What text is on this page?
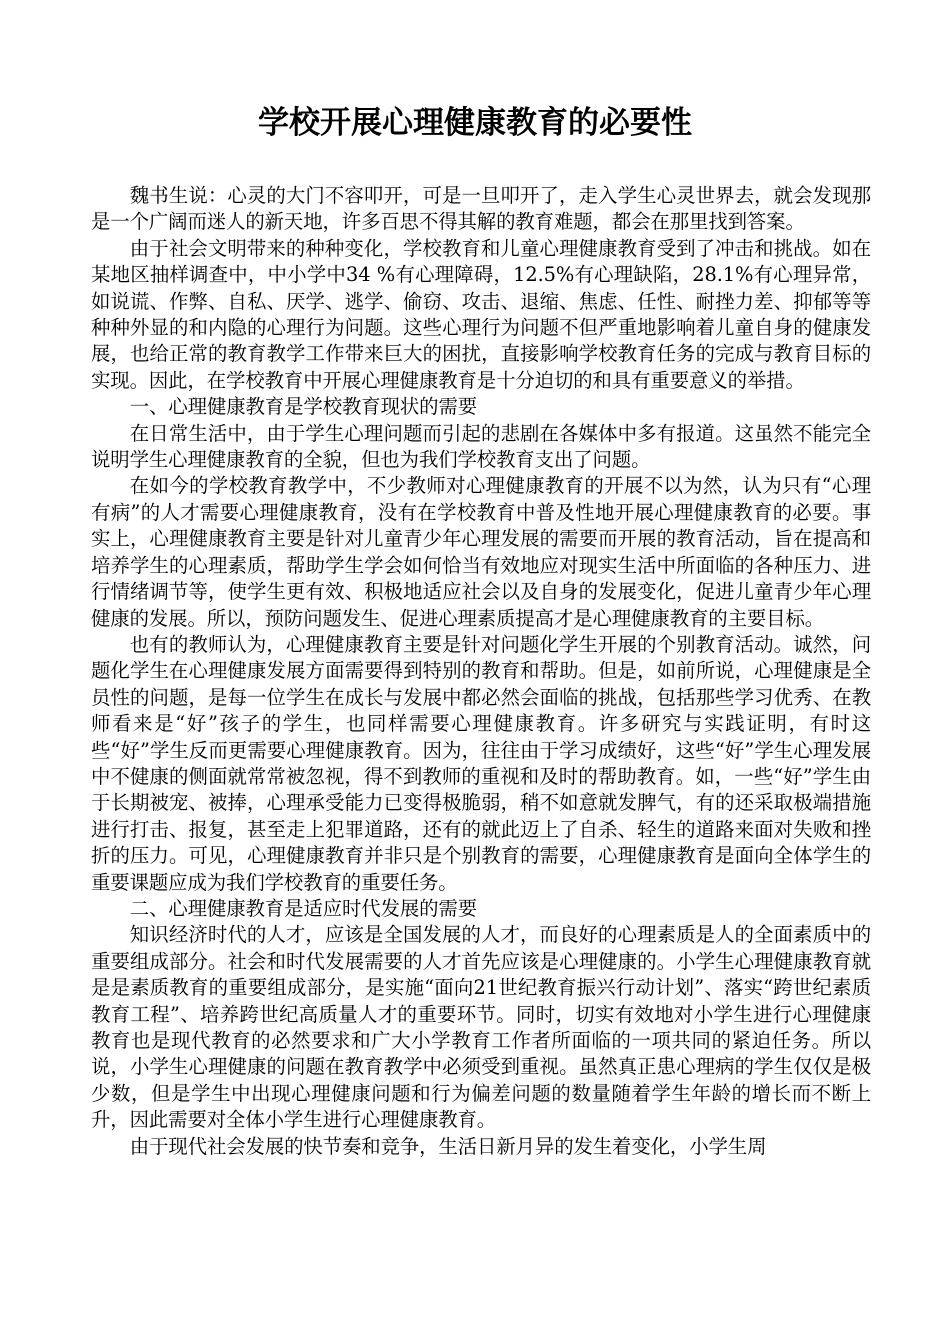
学校开展心理健康教育的必要性

魏书生说：心灵的大门不容叩开，可是一旦叩开了，走入学生心灵世界去，就会发现那是一个广阔而迷人的新天地，许多百思不得其解的教育难题，都会在那里找到答案。

由于社会文明带来的种种变化，学校教育和儿童心理健康教育受到了冲击和挑战。如在某地区抽样调查中，中小学中34 %有心理障碍，12.5%有心理缺陷，28.1%有心理异常，如说谎、作弊、自私、厌学、逃学、偷窃、攻击、退缩、焦虑、任性、耐挫力差、抑郁等等种种外显的和内隐的心理行为问题。这些心理行为问题不但严重地影响着儿童自身的健康发展，也给正常的教育教学工作带来巨大的困扰，直接影响学校教育任务的完成与教育目标的实现。因此，在学校教育中开展心理健康教育是十分迫切的和具有重要意义的举措。

一、心理健康教育是学校教育现状的需要

在日常生活中，由于学生心理问题而引起的悲剧在各媒体中多有报道。这虽然不能完全说明学生心理健康教育的全貌，但也为我们学校教育支出了问题。

在如今的学校教育教学中，不少教师对心理健康教育的开展不以为然，认为只有“心理有病”的人才需要心理健康教育，没有在学校教育中普及性地开展心理健康教育的必要。事实上，心理健康教育主要是针对儿童青少年心理发展的需要而开展的教育活动，旨在提高和培养学生的心理素质，帮助学生学会如何恰当有效地应对现实生活中所面临的各种压力、进行情绪调节等，使学生更有效、积极地适应社会以及自身的发展变化，促进儿童青少年心理健康的发展。所以，预防问题发生、促进心理素质提高才是心理健康教育的主要目标。

也有的教师认为，心理健康教育主要是针对问题化学生开展的个别教育活动。诚然，问题化学生在心理健康发展方面需要得到特别的教育和帮助。但是，如前所说，心理健康是全员性的问题，是每一位学生在成长与发展中都必然会面临的挑战，包括那些学习优秀、在教师看来是“好”孩子的学生，也同样需要心理健康教育。许多研究与实践证明，有时这些“好”学生反而更需要心理健康教育。因为，往往由于学习成绩好，这些“好”学生心理发展中不健康的侧面就常常被忽视，得不到教师的重视和及时的帮助教育。如，一些“好”学生由于长期被宠、被捧，心理承受能力已变得极脆弱，稍不如意就发脾气，有的还采取极端措施进行打击、报复，甚至走上犯罪道路，还有的就此迈上了自杀、轻生的道路来面对失败和挫折的压力。可见，心理健康教育并非只是个别教育的需要，心理健康教育是面向全体学生的重要课题应成为我们学校教育的重要任务。

二、心理健康教育是适应时代发展的需要

知识经济时代的人才，应该是全国发展的人才，而良好的心理素质是人的全面素质中的重要组成部分。社会和时代发展需要的人才首先应该是心理健康的。小学生心理健康教育就是是素质教育的重要组成部分，是实施“面向21世纪教育振兴行动计划”、落实“跨世纪素质教育工程”、培养跨世纪高质量人才的重要环节。同时，切实有效地对小学生进行心理健康教育也是现代教育的必然要求和广大小学教育工作者所面临的一项共同的紧迫任务。所以说，小学生心理健康的问题在教育教学中必须受到重视。虽然真正患心理病的学生仅仅是极少数，但是学生中出现心理健康问题和行为偏差问题的数量随着学生年龄的增长而不断上升，因此需要对全体小学生进行心理健康教育。

由于现代社会发展的快节奏和竞争，生活日新月异的发生着变化，小学生周
